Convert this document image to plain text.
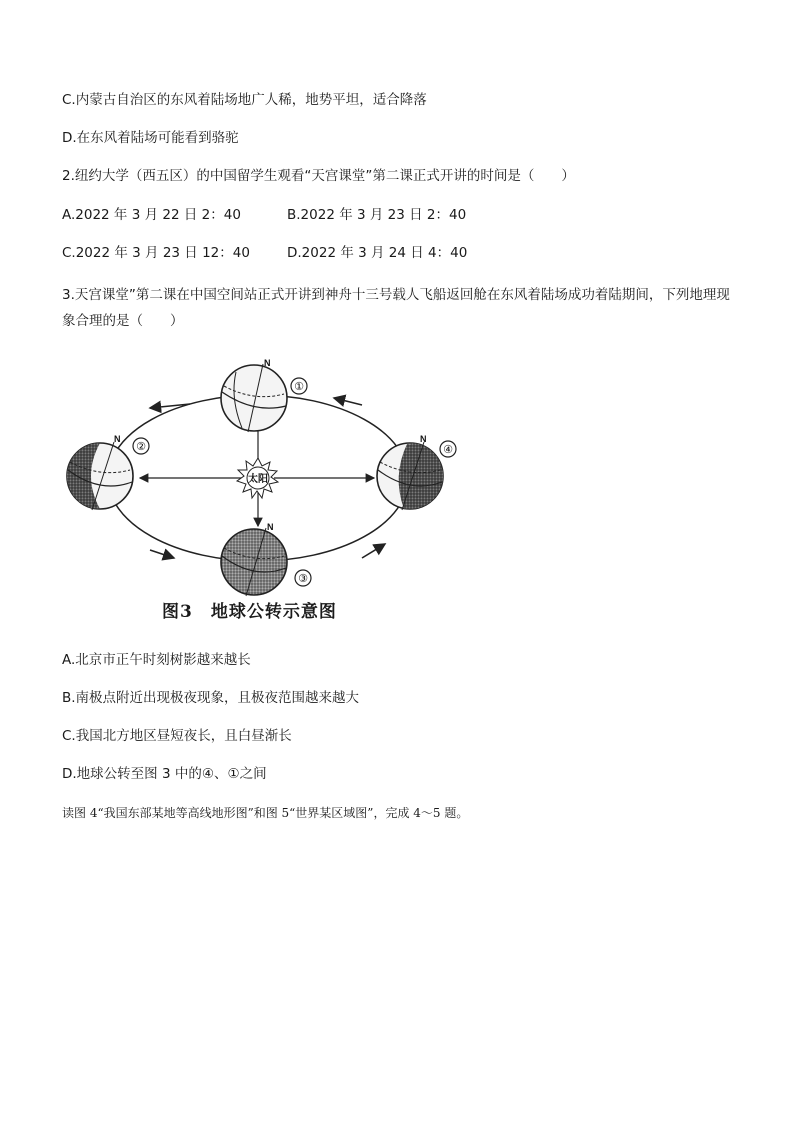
C.内蒙古自治区的东风着陆场地广人稀，地势平坦，适合降落
D.在东风着陆场可能看到骆驼
2.纽约大学（西五区）的中国留学生观看“天宫课堂”第二课正式开讲的时间是（　　）
A.2022 年 3 月 22 日 2：40	B.2022 年 3 月 23 日 2：40
C.2022 年 3 月 23 日 12：40	D.2022 年 3 月 24 日 4：40
3.天宫课堂”第二课在中国空间站正式开讲到神舟十三号载人飞船返回舱在东风着陆场成功着陆期间，下列地理现象合理的是（　　）
太阳
N
①
N
②
N
③
N
④
图3　地球公转示意图
A.北京市正午时刻树影越来越长
B.南极点附近出现极夜现象，且极夜范围越来越大
C.我国北方地区昼短夜长，且白昼渐长
D.地球公转至图 3 中的④、①之间
读图 4“我国东部某地等高线地形图”和图 5“世界某区域图”，完成 4～5 题。
